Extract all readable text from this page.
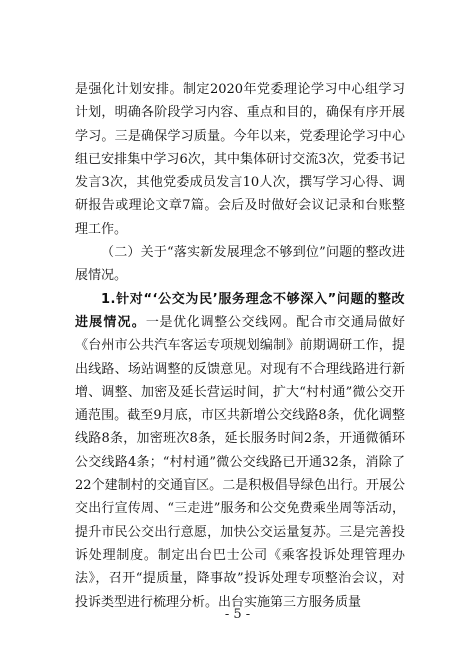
是强化计划安排。制定2020年党委理论学习中心组学习计划，明确各阶段学习内容、重点和目的，确保有序开展学习。三是确保学习质量。今年以来，党委理论学习中心组已安排集中学习6次，其中集体研讨交流3次，党委书记发言3次，其他党委成员发言10人次，撰写学习心得、调研报告或理论文章7篇。会后及时做好会议记录和台账整理工作。

（二）关于“落实新发展理念不够到位”问题的整改进展情况。

1.针对“‘公交为民’服务理念不够深入”问题的整改进展情况。一是优化调整公交线网。配合市交通局做好《台州市公共汽车客运专项规划编制》前期调研工作，提出线路、场站调整的反馈意见。对现有不合理线路进行新增、调整、加密及延长营运时间，扩大“村村通”微公交开通范围。截至9月底，市区共新增公交线路8条，优化调整线路8条，加密班次8条，延长服务时间2条，开通微循环公交线路4条；“村村通”微公交线路已开通32条，消除了22个建制村的交通盲区。二是积极倡导绿色出行。开展公交出行宣传周、“三走进”服务和公交免费乘坐周等活动，提升市民公交出行意愿，加快公交运量复苏。三是完善投诉处理制度。制定出台巴士公司《乘客投诉处理管理办法》，召开“提质量，降事故”投诉处理专项整治会议，对投诉类型进行梳理分析。出台实施第三方服务质量

- 5 -
